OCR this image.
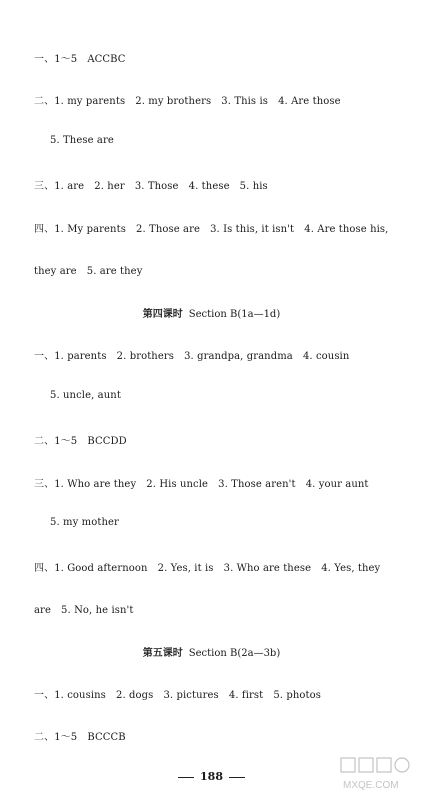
一、1～5　ACCBC
二、1. my parents　2. my brothers　3. This is　4. Are those
5. These are
三、1. are　2. her　3. Those　4. these　5. his
四、1. My parents　2. Those are　3. Is this, it isn't　4. Are those his,
they are　5. are they
第四课时 Section B(1a—1d)
一、1. parents　2. brothers　3. grandpa, grandma　4. cousin
5. uncle, aunt
二、1～5　BCCDD
三、1. Who are they　2. His uncle　3. Those aren't　4. your aunt
5. my mother
四、1. Good afternoon　2. Yes, it is　3. Who are these　4. Yes, they
are　5. No, he isn't
第五课时 Section B(2a—3b)
一、1. cousins　2. dogs　3. pictures　4. first　5. photos
二、1～5　BCCCB
188
MXQE.COM
